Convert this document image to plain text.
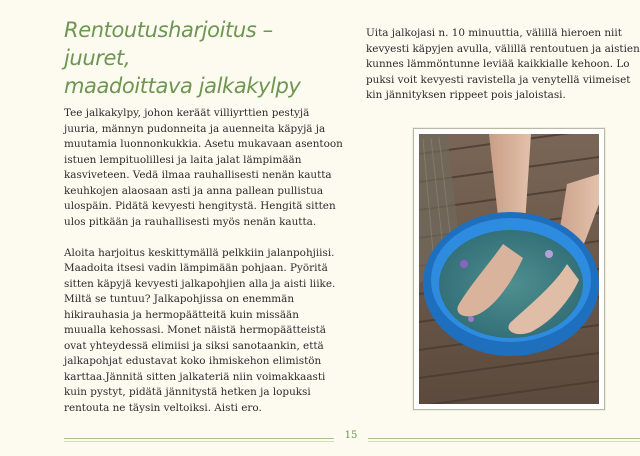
Rentoutusharjoitus – juuret,
maadoittava jalkakylpy

Tee jalkakylpy, johon keräät villiyrttien pestyjä juuria, männyn pudonneita ja auenneita käpyjä ja muutamia luonnonkukkia. Asetu mukavaan asentoon istuen lempituolillesi ja laita jalat lämpimään kasviveteen. Vedä ilmaa rauhallisesti nenän kautta keuhkojen alaosaan asti ja anna pallean pullistua ulospäin. Pidätä kevyesti hengitystä. Hengitä sitten ulos pitkään ja rauhallisesti myös nenän kautta.

Aloita harjoitus keskittymällä pelkkiin jalanpohjiisi. Maadoita itsesi vadin lämpimään pohjaan. Pyöritä sitten käpyjä kevyesti jalkapohjien alla ja aisti liike. Miltä se tuntuu? Jalkapohjissa on enemmän hikirauhasia ja hermopäätteitä kuin missään muualla kehossasi. Monet näistä hermopäätteistä ovat yhteydessä elimiisi ja siksi sanotaankin, että jalkapohjat edustavat koko ihmiskehon elimistön karttaa.Jännitä sitten jalkateriä niin voimakkaasti kuin pystyt, pidätä jännitystä hetken ja lopuksi rentouta ne täysin veltoiksi. Aisti ero.

Uita jalkojasi n. 10 minuuttia, välillä hieroen niit
kevyesti käpyjen avulla, välillä rentoutuen ja aistien
kunnes lämmöntunne leviää kaikkialle kehoon. Lo
puksi voit kevyesti ravistella ja venytellä viimeiset
kin jännityksen rippeet pois jaloistasi.

15
